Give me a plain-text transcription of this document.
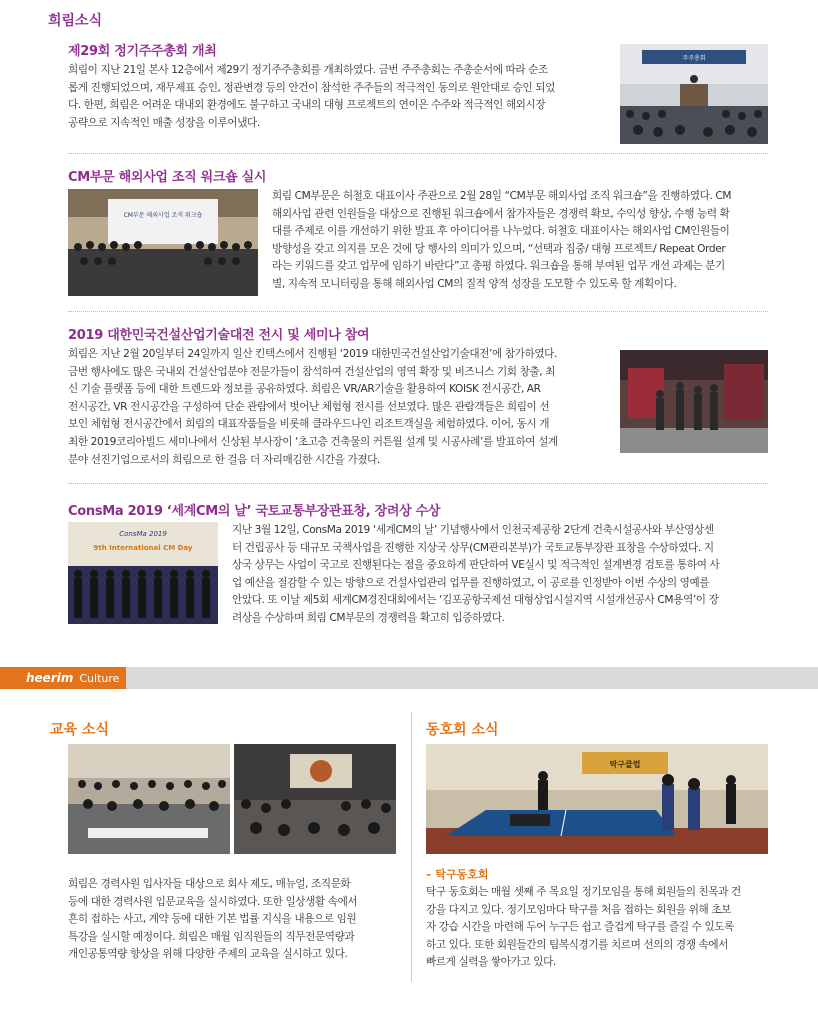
희림소식
제29회 정기주주총회 개최
희림이 지난 21일 본사 12층에서 제29기 정기주주총회를 개최하였다. 금번 주주총회는 주총순서에 따라 순조
롭게 진행되었으며, 재무제표 승인, 정관변경 등의 안건이 참석한 주주들의 적극적인 동의로 원안대로 승인 되었
다. 한편, 희림은 어려운 대내외 환경에도 불구하고 국내의 대형 프로젝트의 연이은 수주와 적극적인 해외시장
공략으로 지속적인 매출 성장을 이루어냈다.
주주총회
CM부문 해외사업 조직 워크숍 실시
CM부문 해외사업 조직 워크숍
희림 CM부문은 허철호 대표이사 주관으로 2월 28일 “CM부문 해외사업 조직 워크숍”을 진행하였다. CM
해외사업 관련 인원들을 대상으로 진행된 워크숍에서 참가자들은 경쟁력 확보, 수익성 향상, 수행 능력 확
대를 주제로 이를 개선하기 위한 발표 후 아이디어를 나누었다. 허철호 대표이사는 해외사업 CM인원들이
방향성을 갖고 의지를 모은 것에 당 행사의 의미가 있으며, “선택과 집중/ 대형 프로젝트/ Repeat Order
라는 키워드를 갖고 업무에 임하기 바란다”고 총평 하였다. 워크숍을 통해 부여된 업무 개선 과제는 분기
별, 지속적 모니터링을 통해 해외사업 CM의 질적 양적 성장을 도모할 수 있도록 할 계획이다.
2019 대한민국건설산업기술대전 전시 및 세미나 참여
희림은 지난 2월 20일부터 24일까지 일산 킨텍스에서 진행된 ‘2019 대한민국건설산업기술대전’에 참가하였다.
금번 행사에도 많은 국내외 건설산업분야 전문가들이 참석하여 건설산업의 영역 확장 및 비즈니스 기회 창출, 최
신 기술 플랫폼 등에 대한 트렌드와 정보를 공유하였다. 희림은 VR/AR기술을 활용하여 KOISK 전시공간, AR
전시공간, VR 전시공간을 구성하여 단순 관람에서 벗어난 체험형 전시를 선보였다. 많은 관람객들은 희림이 선
보인 체험형 전시공간에서 희림의 대표작품들을 비롯해 클라우드나인 리조트객실을 체험하였다. 이어, 동시 개
최한 2019코리아빌드 세미나에서 신상된 부사장이 ‘초고층 건축물의 커튼월 설계 및 시공사례’를 발표하여 설계
분야 선진기업으로서의 희림으로 한 걸음 더 자리매김한 시간을 가졌다.
ConsMa 2019 ‘세계CM의 날’ 국토교통부장관표창, 장려상 수상
ConsMa 2019
9th International CM Day
지난 3월 12일, ConsMa 2019 ‘세계CM의 날’ 기념행사에서 인천국제공항 2단계 건축시설공사와 부산영상센
터 건립공사 등 대규모 국책사업을 진행한 지상국 상무(CM관리본부)가 국토교통부장관 표창을 수상하였다. 지
상국 상무는 사업이 국고로 진행된다는 점을 중요하게 판단하여 VE실시 및 적극적인 설계변경 검토를 통하여 사
업 예산을 절감할 수 있는 방향으로 건설사업관리 업무를 진행하였고, 이 공로를 인정받아 이번 수상의 영예를
안았다. 또 이날 제5회 세계CM경진대회에서는 ‘김포공항국제선 대형상업시설지역 시설개선공사 CM용역’이 장
려상을 수상하며 희림 CM부문의 경쟁력을 확고히 입증하였다.
heerim Culture
교육 소식
희림은 경력사원 입사자들 대상으로 회사 제도, 매뉴얼, 조직문화
등에 대한 경력사원 입문교육을 실시하였다. 또한 일상생활 속에서
흔히 접하는 사고, 계약 등에 대한 기본 법률 지식을 내용으로 임원
특강을 실시할 예정이다. 희림은 매월 임직원들의 직무전문역량과
개인공통역량 향상을 위해 다양한 주제의 교육을 실시하고 있다.
동호회 소식
탁구클럽
– 탁구동호회
탁구 동호회는 매월 셋째 주 목요일 정기모임을 통해 회원들의 친목과 건
강을 다지고 있다. 정기모임마다 탁구를 처음 접하는 회원을 위해 초보
자 강습 시간을 마련해 두어 누구든 쉽고 즐겁게 탁구를 즐길 수 있도록
하고 있다. 또한 회원들간의 팀복식경기를 치르며 선의의 경쟁 속에서
빠르게 실력을 쌓아가고 있다.
